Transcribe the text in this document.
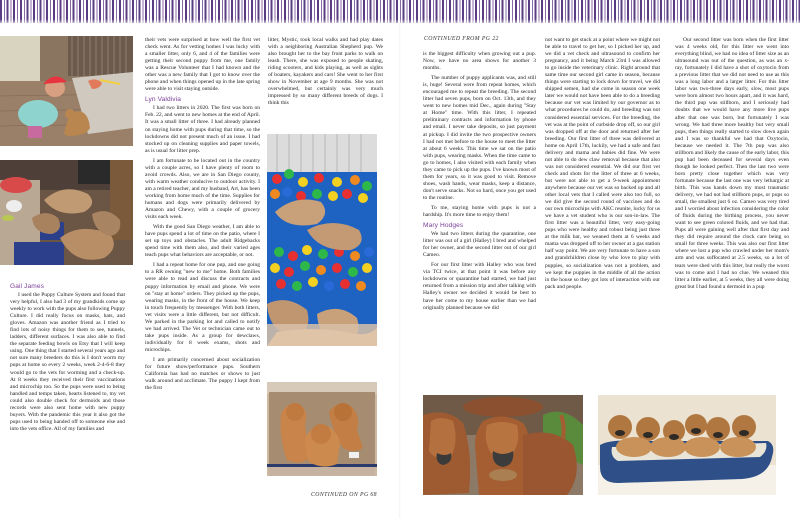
Gail James

I used the Puppy Culture System and found that very helpful, I also had 3 of my grandkids come up weekly to work with the pups also following Puppy Culture. I did really focus on masks, hats, and gloves. Amazon was another friend as I tried to find lots of noisy things for them to see, tunnels, ladders, different surfaces. I was also able to find the separate feeding bowls on Etsy that I will keep using. One thing that I started several years ago and not sure many breeders do this is I don't worm my pups at home so every 2 weeks, week 2-4-6-8 they would go to the vets for worming and a check-up. At 8 weeks they received their first vaccinations and microchip too. So the pups were used to being handled and temps taken, hearts listened to, my vet could also double check for dermoids and those records were also sent home with new puppy buyers. With the pandemic this year it also got the pups used to being handed off to someone else and into the vets office. All of my families and

their vets were surprised at how well the first vet check went. As for vetting homes I was lucky with a smaller litter, only 6, and 4 of the families were getting their second puppy from me, one family was a Rescue Volunteer that I had known and the other was a new family that I got to know over the phone and when things opened up in the late spring were able to visit staying outside.

Lyn Valdivia

I had two litters in 2020. The first was born on Feb. 22, and went to new homes at the end of April. It was a small litter of three. I had already planned on staying home with pups during that time, so the lockdowns did not present much of an issue. I had stocked up on cleaning supplies and paper towels, as is usual for litter prep.

I am fortunate to be located out in the country with a couple acres, so I have plenty of room to avoid crowds. Also, we are in San Diego county, with warm weather conducive to outdoor activity. I am a retired teacher, and my husband, Art, has been working from home much of the time. Supplies for humans and dogs were primarily delivered by Amazon and Chewy, with a couple of grocery visits each week.

With the good San Diego weather, I am able to have pups spend a lot of time on the patio, where I set up toys and obstacles. The adult Ridgebacks spend time with them also, and their varied ages teach pups what behaviors are acceptable, or not.

I had a repeat home for one pup, and one going to a RR owning "new to me" home. Both families were able to read and discuss the contracts and puppy information by email and phone. We were on "stay at home" orders. They picked up the pups, wearing masks, in the front of the house. We keep in touch frequently by messenger. With both litters, vet visits were a little different, but not difficult. We parked in the parking lot and called to notify we had arrived. The Vet or technician came out to take pups inside. As a group for dewclaws, individually for 8 week exams, shots and microchips.

I am primarily concerned about socialization for future show/performance pups. Southern California has had no matches or shows to just walk around and acclimate. The puppy I kept from the first

litter, Mystic, took local walks and had play dates with a neighboring Australian Shepherd pup. We also brought her to the bay front parks to walk on leash. There, she was exposed to people skating, riding scooters, and kids playing, as well as sights of boaters, kayakers and cars! She went to her first show in November at age 9 months. She was not overwhelmed, but certainly was very much impressed by so many different breeds of dogs. I think this

CONTINUED ON PG 68
CONTINUED FROM PG 22

is the biggest difficulty when growing out a pup. Now, we have no area shows for another 3 months.

The number of puppy applicants was, and still is, huge! Several were from repeat homes, which encouraged me to repeat the breeding. The second litter had seven pups, born on Oct. 13th, and they went to new homes mid Dec., again during "Stay at Home" time. With this litter, I repeated preliminary contracts and information by phone and email. I never take deposits, so just payment at pickup. I did invite the two prospective owners I had not met before to the house to meet the litter at about 6 weeks. This time we sat on the patio with pups, wearing masks. When the time came to go to homes, I also visited with each family when they came to pick up the pups. I've known most of them for years, so it was good to visit. Remove shoes, wash hands, wear masks, keep a distance, don't serve snacks. Not so hard, once you get used to the routine.

To me, staying home with pups is not a hardship. It's more time to enjoy them!

Mary Hodges

We had two litters during the quarantine, one litter was out of a girl (Halley) I bred and whelped for her owner, and the second litter out of our girl Cameo.

For our first litter with Halley who was bred via TCI twice, at that point it was before any lockdowns or quarantine had started, we had just returned from a mission trip and after talking with Halley's owner we decided it would be best to have her come to my house earlier than we had originally planned because we did

not want to get stuck at a point where we might not be able to travel to get her, so I picked her up, and we did a vet check and ultrasound to confirm her pregnancy, and it being March 23rd I was allowed to go inside the veterinary clinic. Right around that same time our second girl came in season, because things were starting to lock down for travel, we did shipped semen, had she come in season one week later we would not have been able to do a breeding because our vet was limited by our governor as to what procedures he could do, and breeding was not considered essential services. For the breeding, the vet was at the point of curbside drop off, so our girl was dropped off at the door and returned after her breeding. Our first litter of three was delivered at home on April 17th, luckily, we had a safe and fast delivery and mama and babies did fine. We were not able to do dew claw removal because that also was not considered essential. We did our first vet check and shots for the litter of three at 6 weeks, but were not able to get a 9-week appointment anywhere because our vet was so backed up and all other local vets that I called were also too full, so we did give the second round of vaccines and do our own microchips with AKC reunite, lucky for us we have a vet student who is our son-in-law. The first litter was a beautiful litter, very easy-going pups who were healthy and robust being just three at the milk bar, we weaned them at 6 weeks and mama was dropped off to her owner at a gas station half way point. We are very fortunate to have a son and grandchildren close by who love to play with puppies, so socialization was not a problem, and we kept the puppies in the middle of all the action in the house so they got lots of interaction with our pack and people.

Our second litter was born when the first litter was 4 weeks old, for this litter we went into everything blind, we had no idea of litter size as an ultrasound was out of the question, as was an x-ray, fortunately I did have a shot of oxytocin from a previous litter that we did not need to use as this was a long labor and a larger litter. For this litter labor was two-three days early, slow, most pups were born almost two hours apart, and it was hard, the third pup was stillborn, and I seriously had doubts that we would have any more live pups after that one was born, but fortunately I was wrong. We had three more healthy but very small pups, then things really started to slow down again and I was so thankful we had that Oxytocin, because we needed it. The 7th pup was also stillborn and likely the cause of the early labor, this pup had been deceased for several days even though he looked perfect. Then the last two were born pretty close together which was very fortunate because the last one was very lethargic at birth. This was hands down my most traumatic delivery, we had not had stillborn pups, or pups so small, the smallest just 6 oz. Cameo was very tired and I worried about infection considering the color of fluids during the birthing process, you never want to see green colored fluids, and we had that. Pups all were gaining well after that first day and they did require around the clock care being so small for three weeks. This was also our first litter where we lost a pup who crawled under her mom's arm and was suffocated at 2.5 weeks, so a lot of tears were shed with this litter, but really the worst was to come and I had no clue. We weaned this litter a little earlier, at 5 weeks, they all were doing great but I had found a dermoid in a pup
